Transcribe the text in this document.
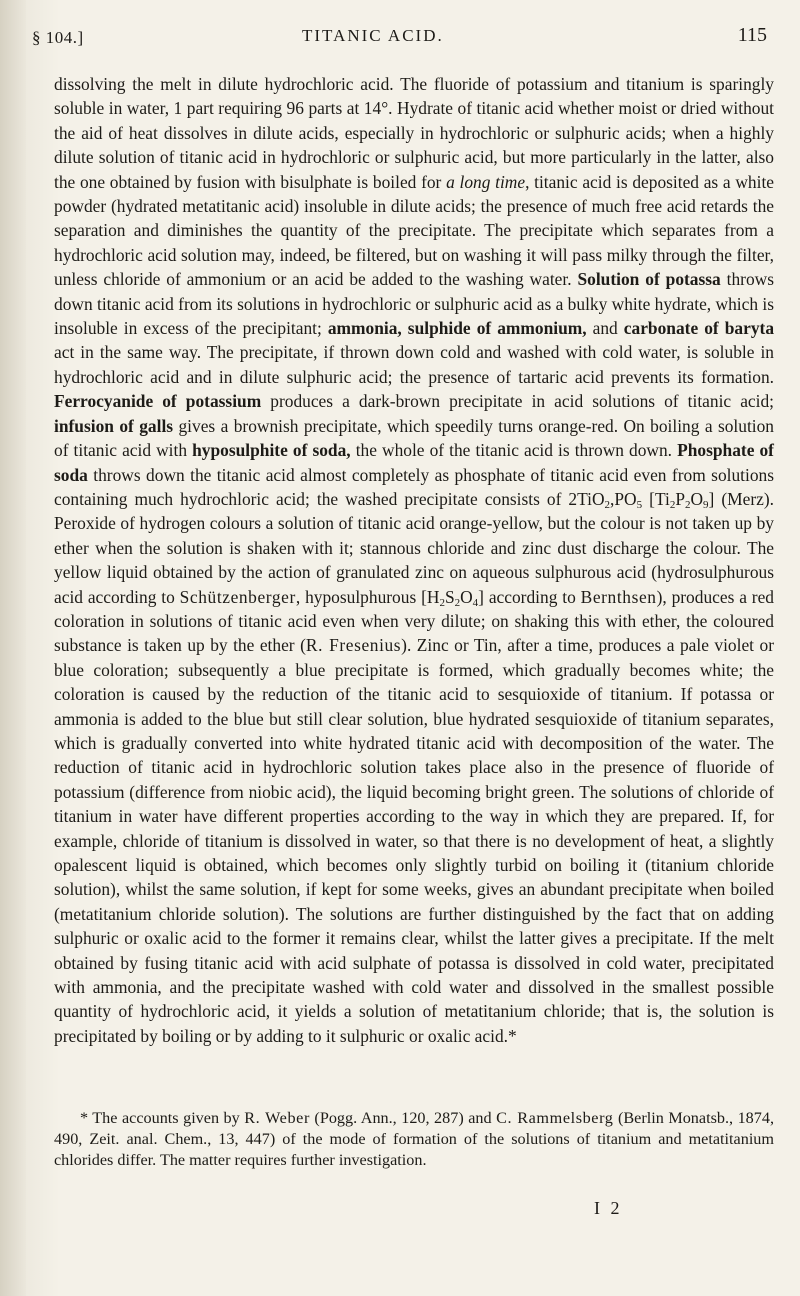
§ 104.]	TITANIC ACID.	115

dissolving the melt in dilute hydrochloric acid. The fluoride of potassium and titanium is sparingly soluble in water, 1 part requiring 96 parts at 14°. Hydrate of titanic acid whether moist or dried without the aid of heat dissolves in dilute acids, especially in hydrochloric or sulphuric acids; when a highly dilute solution of titanic acid in hydrochloric or sulphuric acid, but more particularly in the latter, also the one obtained by fusion with bisulphate is boiled for a long time, titanic acid is deposited as a white powder (hydrated metatitanic acid) insoluble in dilute acids; the presence of much free acid retards the separation and diminishes the quantity of the precipitate. The precipitate which separates from a hydrochloric acid solution may, indeed, be filtered, but on washing it will pass milky through the filter, unless chloride of ammonium or an acid be added to the washing water. Solution of potassa throws down titanic acid from its solutions in hydrochloric or sulphuric acid as a bulky white hydrate, which is insoluble in excess of the precipitant; ammonia, sulphide of ammonium, and carbonate of baryta act in the same way. The precipitate, if thrown down cold and washed with cold water, is soluble in hydrochloric acid and in dilute sulphuric acid; the presence of tartaric acid prevents its formation. Ferrocyanide of potassium produces a dark-brown precipitate in acid solutions of titanic acid; infusion of galls gives a brownish precipitate, which speedily turns orange-red. On boiling a solution of titanic acid with hyposulphite of soda, the whole of the titanic acid is thrown down. Phosphate of soda throws down the titanic acid almost completely as phosphate of titanic acid even from solutions containing much hydrochloric acid; the washed precipitate consists of $2TiO_2,PO_5$ $[Ti_2P_2O_9]$ (Merz). Peroxide of hydrogen colours a solution of titanic acid orange-yellow, but the colour is not taken up by ether when the solution is shaken with it; stannous chloride and zinc dust discharge the colour. The yellow liquid obtained by the action of granulated zinc on aqueous sulphurous acid (hydrosulphurous acid according to Schützenberger, hyposulphurous $[H_2S_2O_4]$ according to Bernthsen), produces a red coloration in solutions of titanic acid even when very dilute; on shaking this with ether, the coloured substance is taken up by the ether (R. Fresenius). Zinc or Tin, after a time, produces a pale violet or blue coloration; subsequently a blue precipitate is formed, which gradually becomes white; the coloration is caused by the reduction of the titanic acid to sesquioxide of titanium. If potassa or ammonia is added to the blue but still clear solution, blue hydrated sesquioxide of titanium separates, which is gradually converted into white hydrated titanic acid with decomposition of the water. The reduction of titanic acid in hydrochloric solution takes place also in the presence of fluoride of potassium (difference from niobic acid), the liquid becoming bright green. The solutions of chloride of titanium in water have different properties according to the way in which they are prepared. If, for example, chloride of titanium is dissolved in water, so that there is no development of heat, a slightly opalescent liquid is obtained, which becomes only slightly turbid on boiling it (titanium chloride solution), whilst the same solution, if kept for some weeks, gives an abundant precipitate when boiled (metatitanium chloride solution). The solutions are further distinguished by the fact that on adding sulphuric or oxalic acid to the former it remains clear, whilst the latter gives a precipitate. If the melt obtained by fusing titanic acid with acid sulphate of potassa is dissolved in cold water, precipitated with ammonia, and the precipitate washed with cold water and dissolved in the smallest possible quantity of hydrochloric acid, it yields a solution of metatitanium chloride; that is, the solution is precipitated by boiling or by adding to it sulphuric or oxalic acid.*

* The accounts given by R. Weber (Pogg. Ann., 120, 287) and C. Rammelsberg (Berlin Monatsb., 1874, 490, Zeit. anal. Chem., 13, 447) of the mode of formation of the solutions of titanium and metatitanium chlorides differ. The matter requires further investigation.

I 2
